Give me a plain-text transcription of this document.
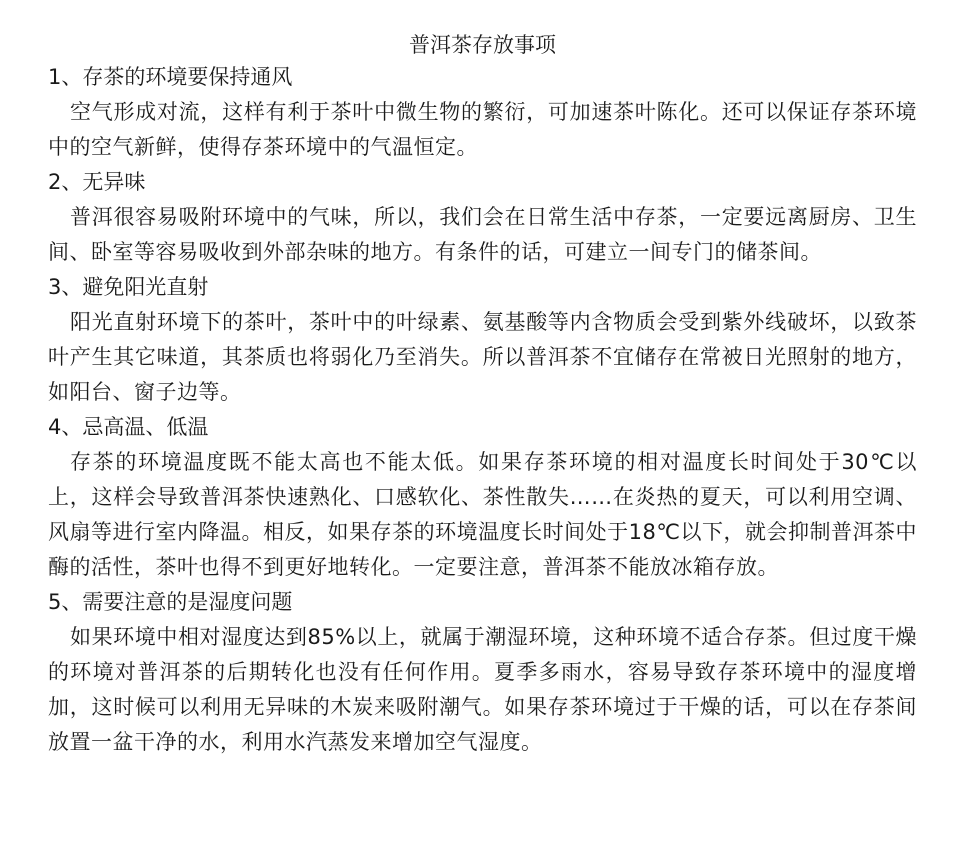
普洱茶存放事项

1、存茶的环境要保持通风

空气形成对流，这样有利于茶叶中微生物的繁衍，可加速茶叶陈化。还可以保证存茶环境中的空气新鲜，使得存茶环境中的气温恒定。

2、无异味

普洱很容易吸附环境中的气味，所以，我们会在日常生活中存茶，一定要远离厨房、卫生间、卧室等容易吸收到外部杂味的地方。有条件的话，可建立一间专门的储茶间。

3、避免阳光直射

阳光直射环境下的茶叶，茶叶中的叶绿素、氨基酸等内含物质会受到紫外线破坏，以致茶叶产生其它味道，其茶质也将弱化乃至消失。所以普洱茶不宜储存在常被日光照射的地方，如阳台、窗子边等。

4、忌高温、低温

存茶的环境温度既不能太高也不能太低。如果存茶环境的相对温度长时间处于30℃以上，这样会导致普洱茶快速熟化、口感软化、茶性散失……在炎热的夏天，可以利用空调、风扇等进行室内降温。相反，如果存茶的环境温度长时间处于18℃以下，就会抑制普洱茶中酶的活性，茶叶也得不到更好地转化。一定要注意，普洱茶不能放冰箱存放。

5、需要注意的是湿度问题

如果环境中相对湿度达到85%以上，就属于潮湿环境，这种环境不适合存茶。但过度干燥的环境对普洱茶的后期转化也没有任何作用。夏季多雨水，容易导致存茶环境中的湿度增加，这时候可以利用无异味的木炭来吸附潮气。如果存茶环境过于干燥的话，可以在存茶间放置一盆干净的水，利用水汽蒸发来增加空气湿度。
